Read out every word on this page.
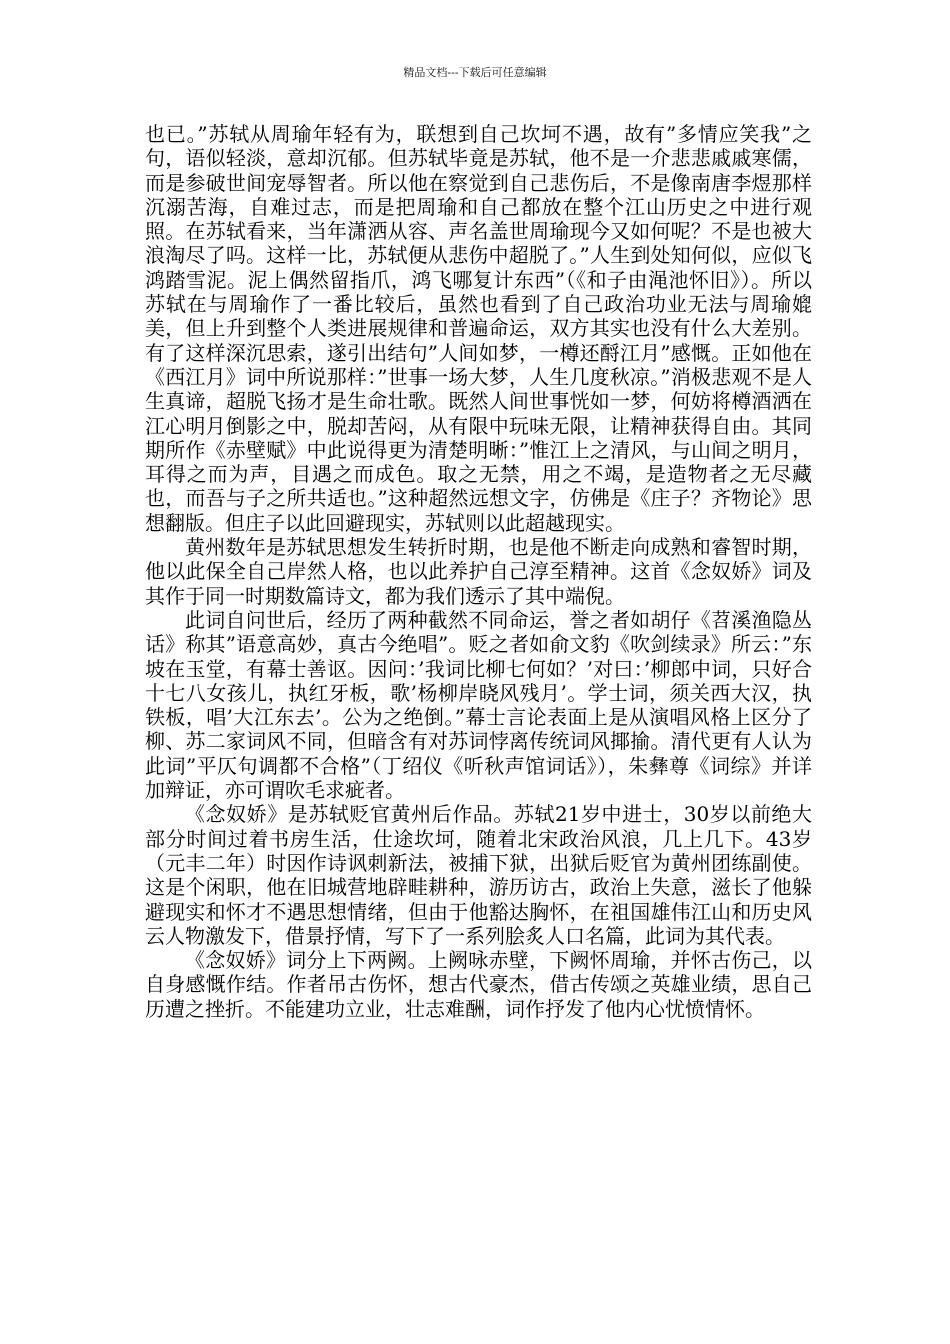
精品文档---下载后可任意编辑

也已。”苏轼从周瑜年轻有为，联想到自己坎坷不遇，故有”多情应笑我”之句，语似轻淡，意却沉郁。但苏轼毕竟是苏轼，他不是一介悲悲戚戚寒儒，而是参破世间宠辱智者。所以他在察觉到自己悲伤后，不是像南唐李煜那样沉溺苦海，自难过志，而是把周瑜和自己都放在整个江山历史之中进行观照。在苏轼看来，当年潇洒从容、声名盖世周瑜现今又如何呢？不是也被大浪淘尽了吗。这样一比，苏轼便从悲伤中超脱了。”人生到处知何似，应似飞鸿踏雪泥。泥上偶然留指爪，鸿飞哪复计东西”（《和子由渑池怀旧》）。所以苏轼在与周瑜作了一番比较后，虽然也看到了自己政治功业无法与周瑜媲美，但上升到整个人类进展规律和普遍命运，双方其实也没有什么大差别。有了这样深沉思索，遂引出结句”人间如梦，一樽还酹江月”感慨。正如他在《西江月》词中所说那样：”世事一场大梦，人生几度秋凉。”消极悲观不是人生真谛，超脱飞扬才是生命壮歌。既然人间世事恍如一梦，何妨将樽酒洒在江心明月倒影之中，脱却苦闷，从有限中玩味无限，让精神获得自由。其同期所作《赤壁赋》中此说得更为清楚明晰：”惟江上之清风，与山间之明月，耳得之而为声，目遇之而成色。取之无禁，用之不竭，是造物者之无尽藏也，而吾与子之所共适也。”这种超然远想文字，仿佛是《庄子？齐物论》思想翻版。但庄子以此回避现实，苏轼则以此超越现实。

黄州数年是苏轼思想发生转折时期，也是他不断走向成熟和睿智时期，他以此保全自己岸然人格，也以此养护自己淳至精神。这首《念奴娇》词及其作于同一时期数篇诗文，都为我们透示了其中端倪。

此词自问世后，经历了两种截然不同命运，誉之者如胡仔《苕溪渔隐丛话》称其”语意高妙，真古今绝唱”。贬之者如俞文豹《吹剑续录》所云：”东坡在玉堂，有幕士善讴。因问：’我词比柳七何如？’对曰：’柳郎中词，只好合十七八女孩儿，执红牙板，歌’杨柳岸晓风残月’。学士词，须关西大汉，执铁板，唱’大江东去’。公为之绝倒。”幕士言论表面上是从演唱风格上区分了柳、苏二家词风不同，但暗含有对苏词悖离传统词风揶揄。清代更有人认为此词”平仄句调都不合格”（丁绍仪《听秋声馆词话》），朱彝尊《词综》并详加辩证，亦可谓吹毛求疵者。

《念奴娇》是苏轼贬官黄州后作品。苏轼21岁中进士，30岁以前绝大部分时间过着书房生活，仕途坎坷，随着北宋政治风浪，几上几下。43岁（元丰二年）时因作诗讽刺新法，被捕下狱，出狱后贬官为黄州团练副使。这是个闲职，他在旧城营地辟畦耕种，游历访古，政治上失意，滋长了他躲避现实和怀才不遇思想情绪，但由于他豁达胸怀，在祖国雄伟江山和历史风云人物激发下，借景抒情，写下了一系列脍炙人口名篇，此词为其代表。

《念奴娇》词分上下两阙。上阙咏赤壁，下阙怀周瑜，并怀古伤己，以自身感慨作结。作者吊古伤怀，想古代豪杰，借古传颂之英雄业绩，思自己历遭之挫折。不能建功立业，壮志难酬，词作抒发了他内心忧愤情怀。
